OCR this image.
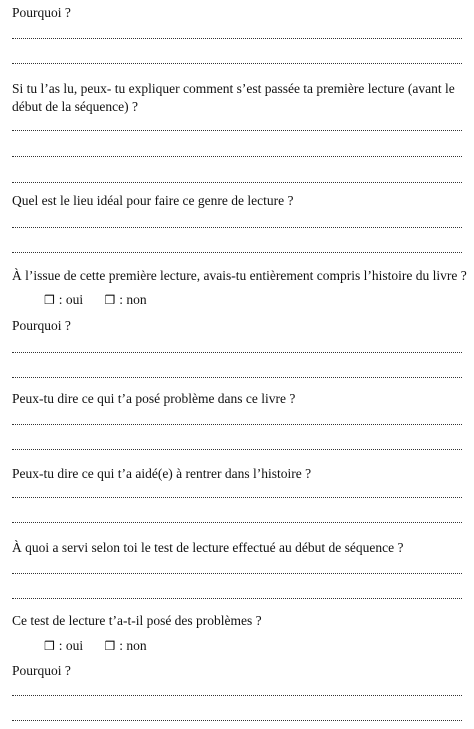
Pourquoi ?
Si tu l’as lu, peux- tu expliquer comment s’est passée ta première lecture (avant le début de la séquence) ?
Quel est le lieu idéal pour faire ce genre de lecture ?
À l’issue de cette première lecture, avais-tu entièrement compris l’histoire du livre ?
❒ : oui ❒ : non
Pourquoi ?
Peux-tu dire ce qui t’a posé problème dans ce livre ?
Peux-tu dire ce qui t’a aidé(e) à rentrer dans l’histoire ?
À quoi a servi selon toi le test de lecture effectué au début de séquence ?
Ce test de lecture t’a-t-il posé des problèmes ?
❒ : oui ❒ : non
Pourquoi ?
